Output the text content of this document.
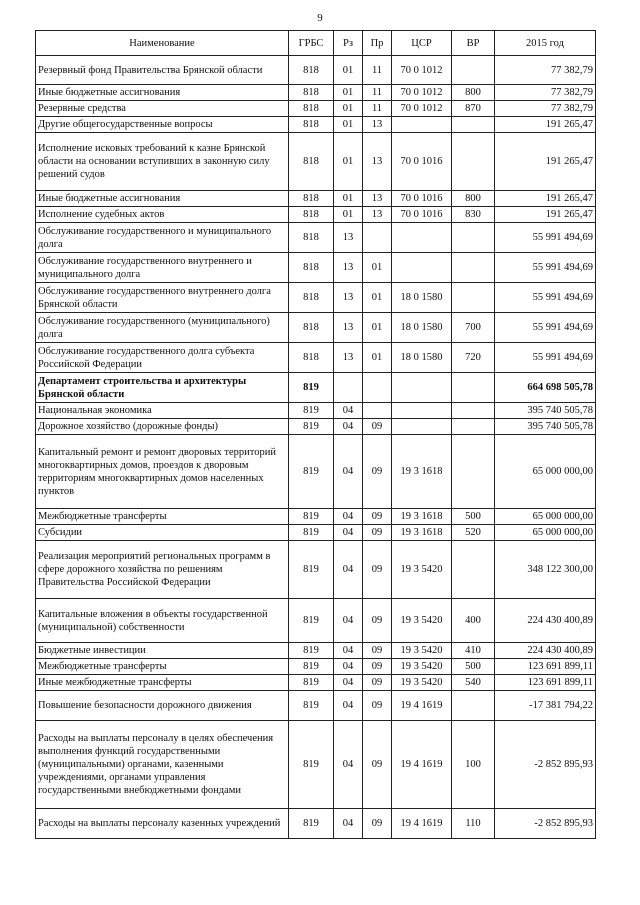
9
Наименование	ГРБС	Рз	Пр	ЦСР	ВР	2015 год
Резервный фонд Правительства Брянской области	818	01	11	70 0 1012		77 382,79
Иные бюджетные ассигнования	818	01	11	70 0 1012	800	77 382,79
Резервные средства	818	01	11	70 0 1012	870	77 382,79
Другие общегосударственные вопросы	818	01	13			191 265,47
Исполнение исковых требований к казне Брянской области на основании вступивших в законную силу решений судов	818	01	13	70 0 1016		191 265,47
Иные бюджетные ассигнования	818	01	13	70 0 1016	800	191 265,47
Исполнение судебных актов	818	01	13	70 0 1016	830	191 265,47
Обслуживание государственного и муниципального долга	818	13				55 991 494,69
Обслуживание государственного внутреннего и муниципального долга	818	13	01			55 991 494,69
Обслуживание государственного внутреннего долга Брянской области	818	13	01	18 0 1580		55 991 494,69
Обслуживание государственного (муниципального) долга	818	13	01	18 0 1580	700	55 991 494,69
Обслуживание государственного долга субъекта Российской Федерации	818	13	01	18 0 1580	720	55 991 494,69
Департамент строительства и архитектуры Брянской области	819					664 698 505,78
Национальная экономика	819	04				395 740 505,78
Дорожное хозяйство (дорожные фонды)	819	04	09			395 740 505,78
Капитальный ремонт и ремонт дворовых территорий многоквартирных домов, проездов к дворовым территориям многоквартирных домов населенных пунктов	819	04	09	19 3 1618		65 000 000,00
Межбюджетные трансферты	819	04	09	19 3 1618	500	65 000 000,00
Субсидии	819	04	09	19 3 1618	520	65 000 000,00
Реализация мероприятий региональных программ в сфере дорожного хозяйства по решениям Правительства Российской Федерации	819	04	09	19 3 5420		348 122 300,00
Капитальные вложения в объекты государственной (муниципальной) собственности	819	04	09	19 3 5420	400	224 430 400,89
Бюджетные инвестиции	819	04	09	19 3 5420	410	224 430 400,89
Межбюджетные трансферты	819	04	09	19 3 5420	500	123 691 899,11
Иные межбюджетные трансферты	819	04	09	19 3 5420	540	123 691 899,11
Повышение безопасности дорожного движения	819	04	09	19 4 1619		-17 381 794,22
Расходы на выплаты персоналу в целях обеспечения выполнения функций государственными (муниципальными) органами, казенными учреждениями, органами управления государственными внебюджетными фондами	819	04	09	19 4 1619	100	-2 852 895,93
Расходы на выплаты персоналу казенных учреждений	819	04	09	19 4 1619	110	-2 852 895,93
